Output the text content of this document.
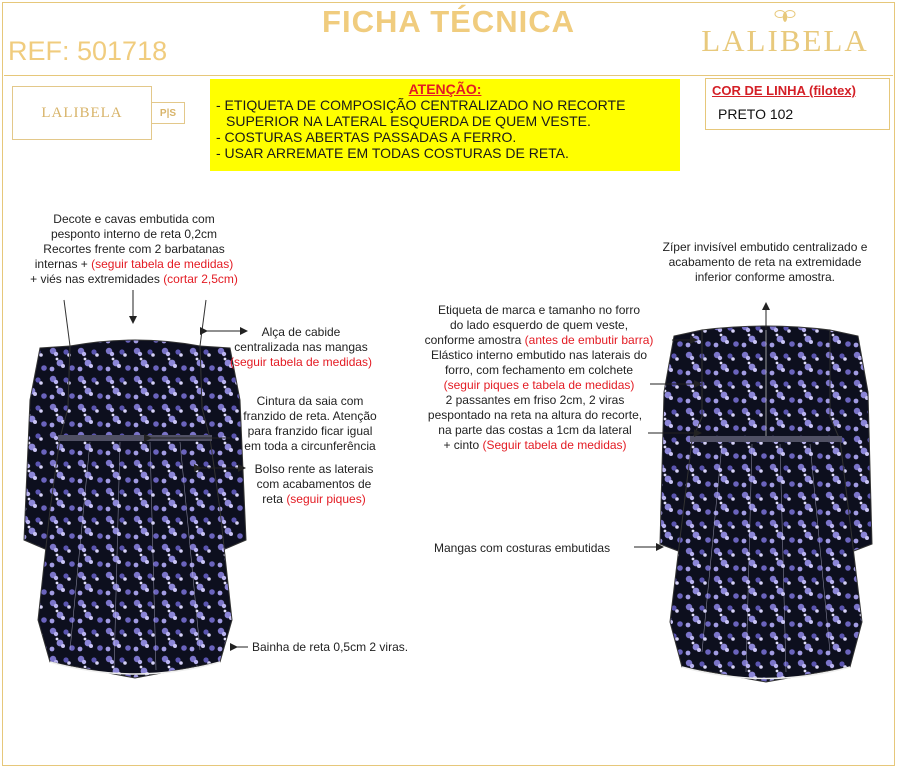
FICHA TÉCNICA
REF: 501718	LALIBELA
LALIBELA	P|S
ATENÇÃO:
- ETIQUETA DE COMPOSIÇÃO CENTRALIZADO NO RECORTE
SUPERIOR NA LATERAL ESQUERDA DE QUEM VESTE.
- COSTURAS ABERTAS PASSADAS A FERRO.
- USAR ARREMATE EM TODAS COSTURAS DE RETA.
COR DE LINHA (filotex)
PRETO 102
Decote e cavas embutida com
pesponto interno de reta 0,2cm
Recortes frente com 2 barbatanas
internas + (seguir tabela de medidas)
+ viés nas extremidades (cortar 2,5cm)
Alça de cabide
centralizada nas mangas
(seguir tabela de medidas)
Cintura da saia com
franzido de reta. Atenção
para franzido ficar igual
em toda a circunferência
Bolso rente as laterais
com acabamentos de
reta (seguir piques)
Bainha de reta 0,5cm 2 viras.
Zíper invisível embutido centralizado e
acabamento de reta na extremidade
inferior conforme amostra.
Etiqueta de marca e tamanho no forro
do lado esquerdo de quem veste,
conforme amostra (antes de embutir barra)
Elástico interno embutido nas laterais do
forro, com fechamento em colchete
(seguir piques e tabela de medidas)
2 passantes em friso 2cm, 2 viras
pespontado na reta na altura do recorte,
na parte das costas a 1cm da lateral
+ cinto (Seguir tabela de medidas)
Mangas com costuras embutidas
